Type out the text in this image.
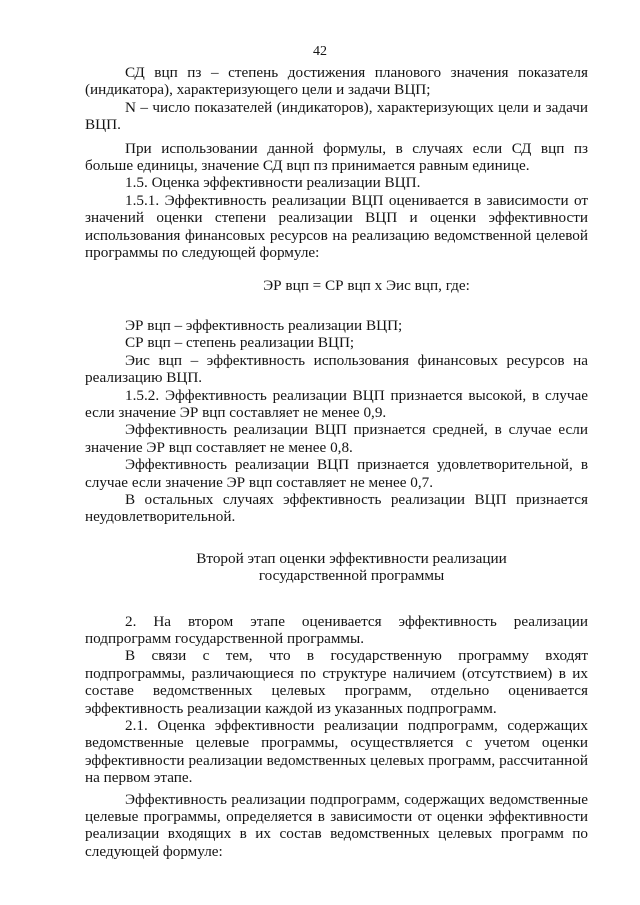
42

СД вцп пз – степень достижения планового значения показателя (индикатора), характеризующего цели и задачи ВЦП;

N – число показателей (индикаторов), характеризующих цели и задачи ВЦП.

При использовании данной формулы, в случаях если СД вцп пз больше единицы, значение СД вцп пз принимается равным единице.

1.5. Оценка эффективности реализации ВЦП.

1.5.1. Эффективность реализации ВЦП оценивается в зависимости от значений оценки степени реализации ВЦП и оценки эффективности использования финансовых ресурсов на реализацию ведомственной целевой программы по следующей формуле:

ЭР вцп = СР вцп х Эис вцп, где:

ЭР вцп – эффективность реализации ВЦП;

СР вцп – степень реализации ВЦП;

Эис вцп – эффективность использования финансовых ресурсов на реализацию ВЦП.

1.5.2. Эффективность реализации ВЦП признается высокой, в случае если значение ЭР вцп составляет не менее 0,9.

Эффективность реализации ВЦП признается средней, в случае если значение ЭР вцп составляет не менее 0,8.

Эффективность реализации ВЦП признается удовлетворительной, в случае если значение ЭР вцп составляет не менее 0,7.

В остальных случаях эффективность реализации ВЦП признается неудовлетворительной.

Второй этап оценки эффективности реализации
государственной программы

2. На втором этапе оценивается эффективность реализации подпрограмм государственной программы.

В связи с тем, что в государственную программу входят подпрограммы, различающиеся по структуре наличием (отсутствием) в их составе ведомственных целевых программ, отдельно оценивается эффективность реализации каждой из указанных подпрограмм.

2.1. Оценка эффективности реализации подпрограмм, содержащих ведомственные целевые программы, осуществляется с учетом оценки эффективности реализации ведомственных целевых программ, рассчитанной на первом этапе.

Эффективность реализации подпрограмм, содержащих ведомственные целевые программы, определяется в зависимости от оценки эффективности реализации входящих в их состав ведомственных целевых программ по следующей формуле:
